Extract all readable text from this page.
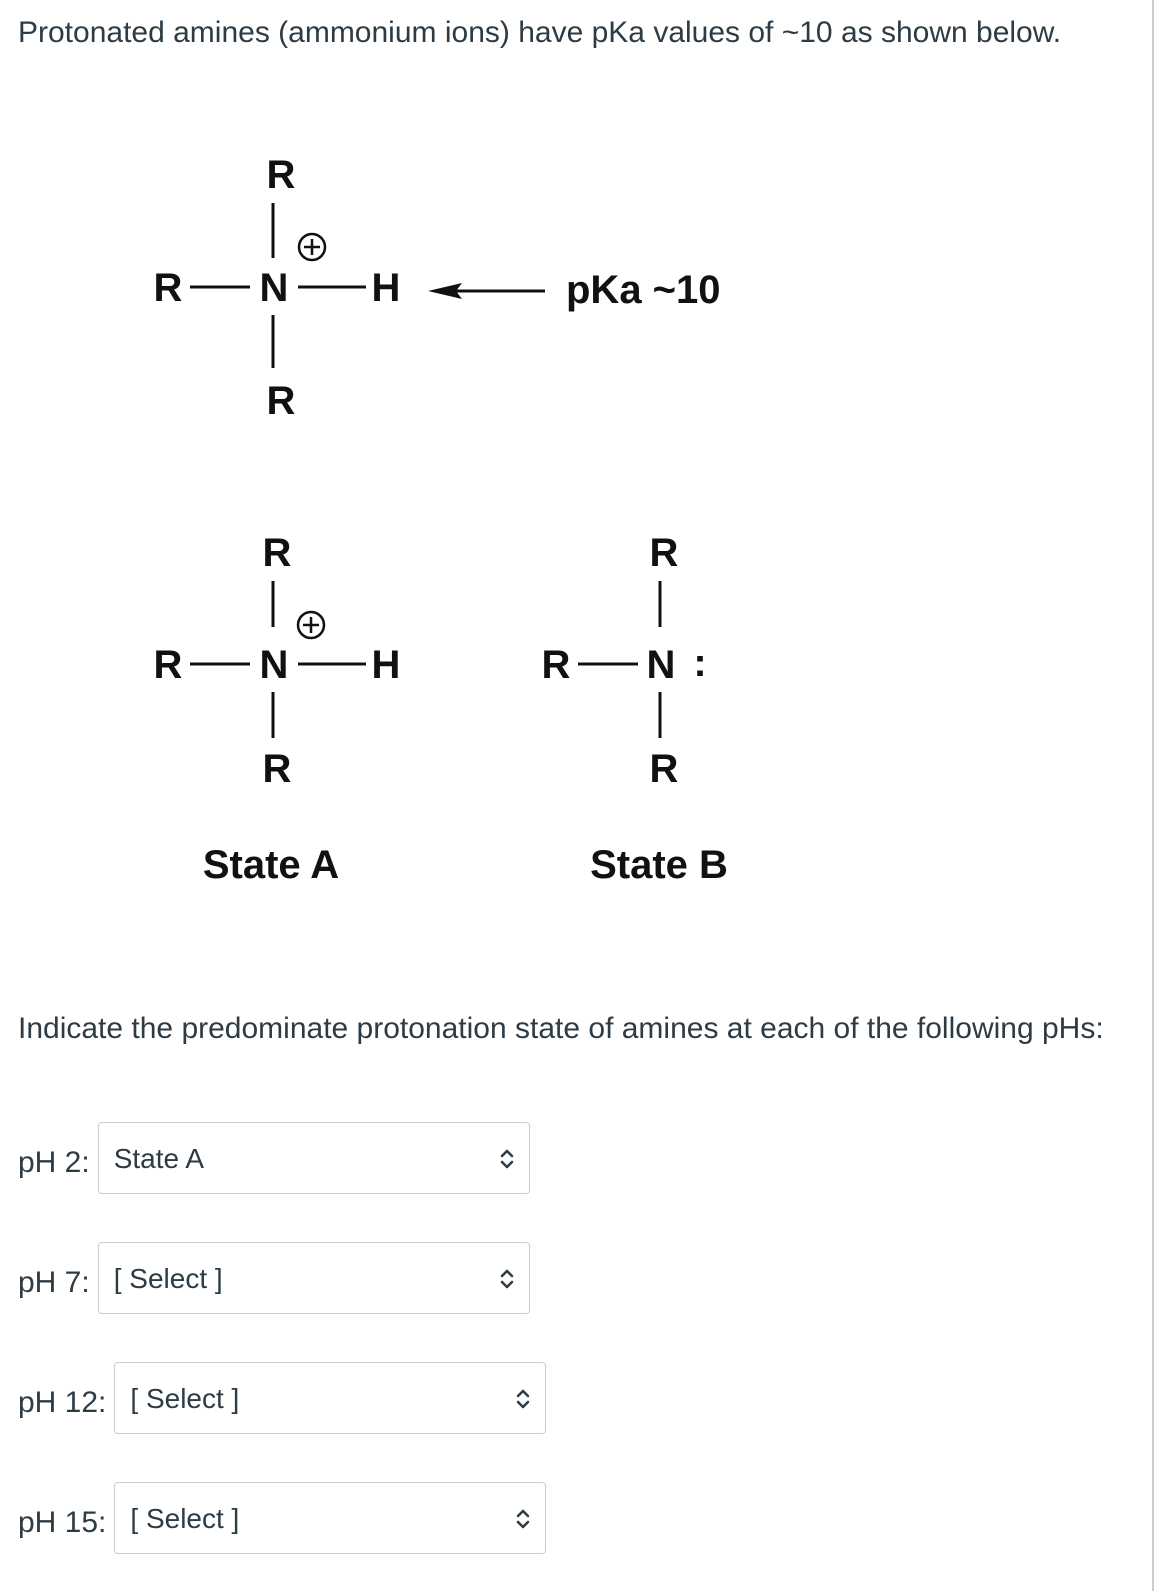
Protonated amines (ammonium ions) have pKa values of ~10 as shown below.
R
R N H
R
pKa ~10
R
R N H
R
State A
R
R N :
R
State B
Indicate the predominate protonation state of amines at each of the following pHs:
pH 2: State A
pH 7: [ Select ]
pH 12: [ Select ]
pH 15: [ Select ]
